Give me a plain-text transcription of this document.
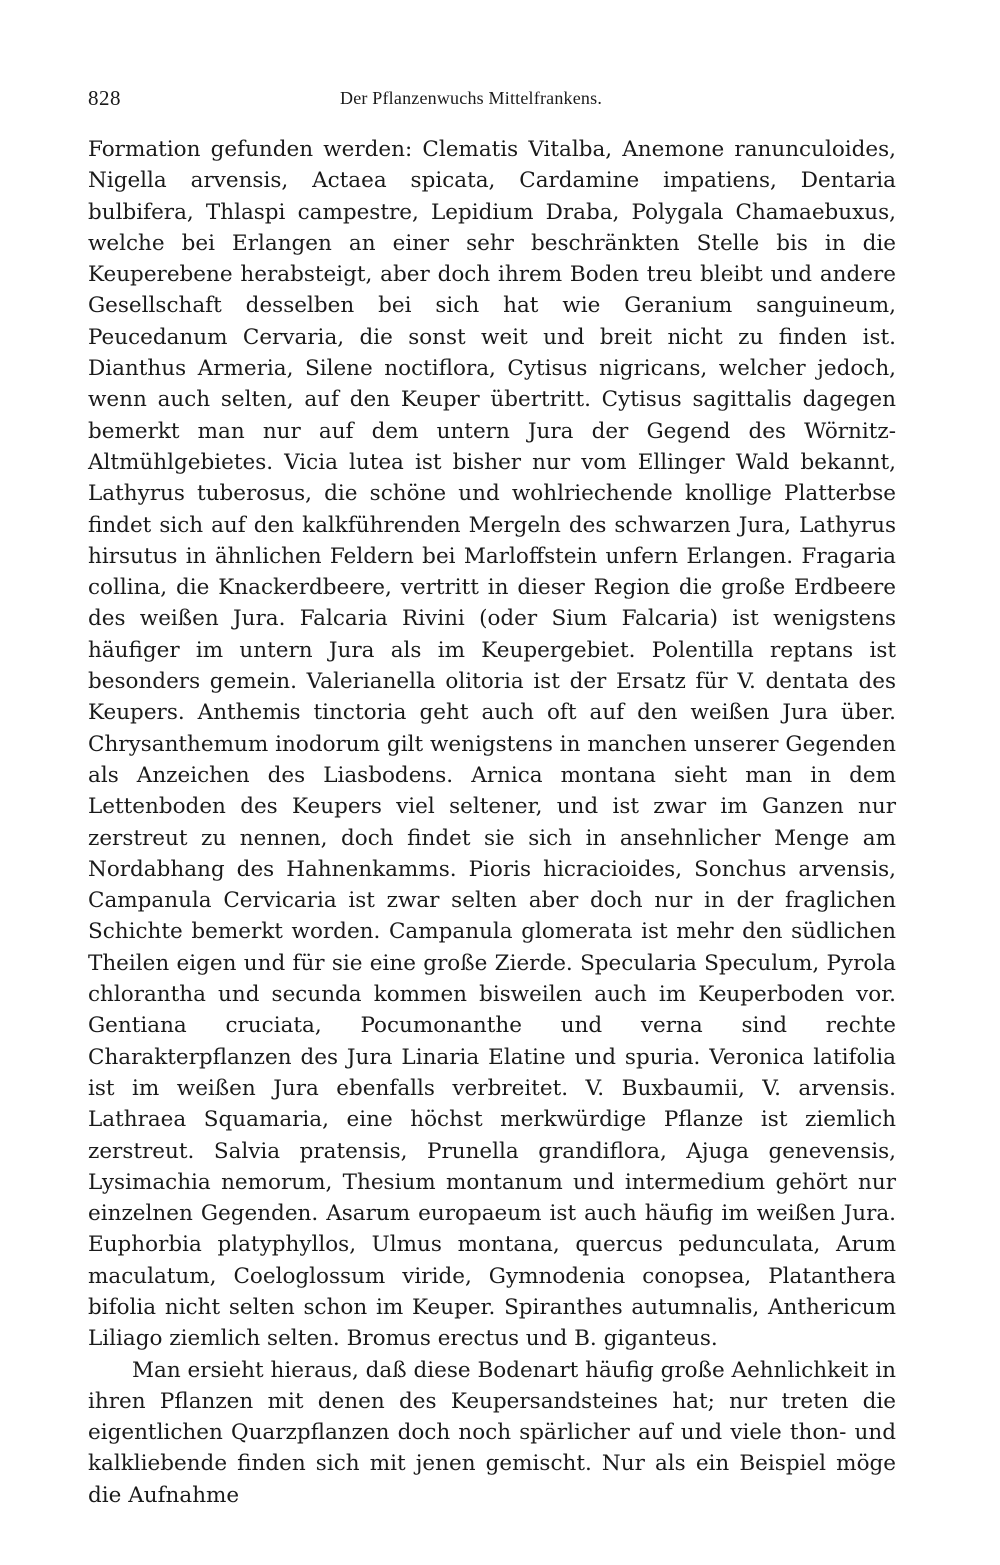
828	Der Pflanzenwuchs Mittelfrankens.

Formation gefunden werden: Clematis Vitalba, Anemone ranunculoides, Nigella arvensis, Actaea spicata, Cardamine impatiens, Dentaria bulbifera, Thlaspi campestre, Lepidium Draba, Polygala Chamaebuxus, welche bei Erlangen an einer sehr beschränkten Stelle bis in die Keuperebene herabsteigt, aber doch ihrem Boden treu bleibt und andere Gesellschaft desselben bei sich hat wie Geranium sanguineum, Peucedanum Cervaria, die sonst weit und breit nicht zu finden ist. Dianthus Armeria, Silene noctiflora, Cytisus nigricans, welcher jedoch, wenn auch selten, auf den Keuper übertritt. Cytisus sagittalis dagegen bemerkt man nur auf dem untern Jura der Gegend des Wörnitz-Altmühlgebietes. Vicia lutea ist bisher nur vom Ellinger Wald bekannt, Lathyrus tuberosus, die schöne und wohlriechende knollige Platterbse findet sich auf den kalkführenden Mergeln des schwarzen Jura, Lathyrus hirsutus in ähnlichen Feldern bei Marloffstein unfern Erlangen. Fragaria collina, die Knackerdbeere, vertritt in dieser Region die große Erdbeere des weißen Jura. Falcaria Rivini (oder Sium Falcaria) ist wenigstens häufiger im untern Jura als im Keupergebiet. Polentilla reptans ist besonders gemein. Valerianella olitoria ist der Ersatz für V. dentata des Keupers. Anthemis tinctoria geht auch oft auf den weißen Jura über. Chrysanthemum inodorum gilt wenigstens in manchen unserer Gegenden als Anzeichen des Liasbodens. Arnica montana sieht man in dem Lettenboden des Keupers viel seltener, und ist zwar im Ganzen nur zerstreut zu nennen, doch findet sie sich in ansehnlicher Menge am Nordabhang des Hahnenkamms. Pioris hicracioides, Sonchus arvensis, Campanula Cervicaria ist zwar selten aber doch nur in der fraglichen Schichte bemerkt worden. Campanula glomerata ist mehr den südlichen Theilen eigen und für sie eine große Zierde. Specularia Speculum, Pyrola chlorantha und secunda kommen bisweilen auch im Keuperboden vor. Gentiana cruciata, Pocumonanthe und verna sind rechte Charakterpflanzen des Jura Linaria Elatine und spuria. Veronica latifolia ist im weißen Jura ebenfalls verbreitet. V. Buxbaumii, V. arvensis. Lathraea Squamaria, eine höchst merkwürdige Pflanze ist ziemlich zerstreut. Salvia pratensis, Prunella grandiflora, Ajuga genevensis, Lysimachia nemorum, Thesium montanum und intermedium gehört nur einzelnen Gegenden. Asarum europaeum ist auch häufig im weißen Jura. Euphorbia platyphyllos, Ulmus montana, quercus pedunculata, Arum maculatum, Coeloglossum viride, Gymnodenia conopsea, Platanthera bifolia nicht selten schon im Keuper. Spiranthes autumnalis, Anthericum Liliago ziemlich selten. Bromus erectus und B. giganteus.

Man ersieht hieraus, daß diese Bodenart häufig große Aehnlichkeit in ihren Pflanzen mit denen des Keupersandsteines hat; nur treten die eigentlichen Quarzpflanzen doch noch spärlicher auf und viele thon- und kalkliebende finden sich mit jenen gemischt. Nur als ein Beispiel möge die Aufnahme
